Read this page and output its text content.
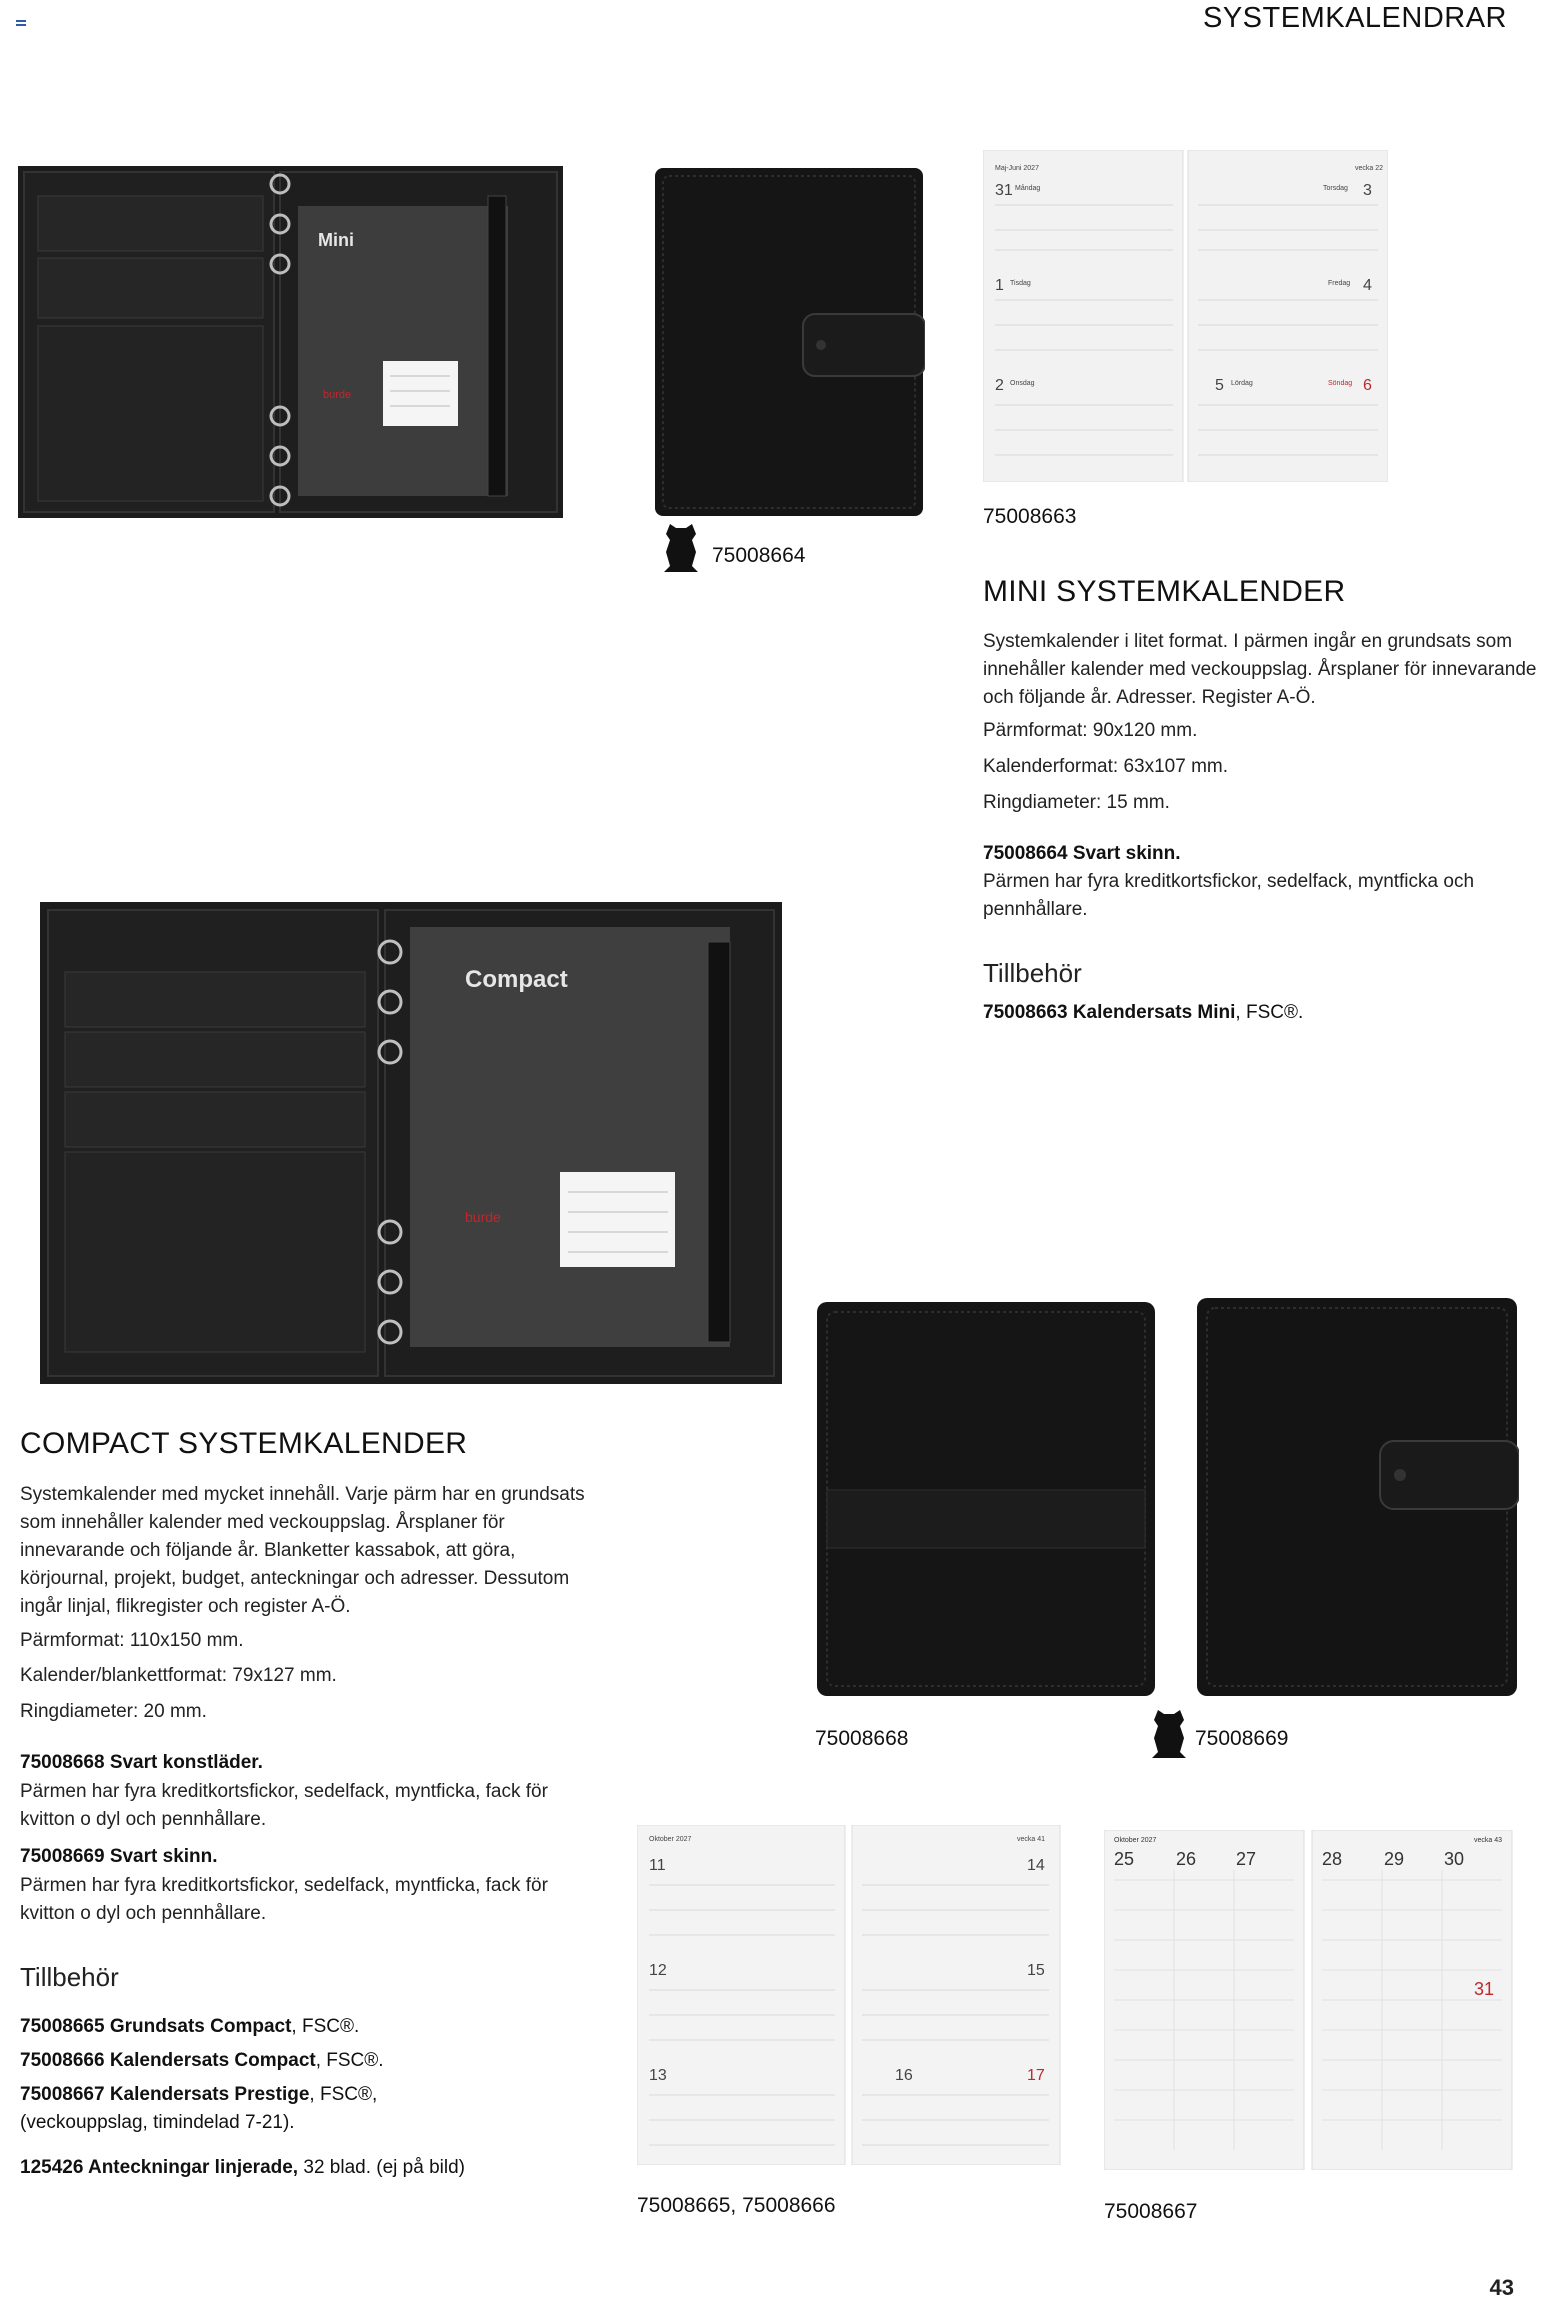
SYSTEMKALENDRAR
Mini
burde
Maj-Juni 2027
31 Måndag
1 Tisdag
2 Onsdag
vecka 22
3
Torsdag
4
Fredag
5 Lördag	6
Söndag
75008664
75008663
MINI SYSTEMKALENDER
Systemkalender i litet format. I pärmen ingår en grundsats som innehåller kalender med veckouppslag. Årsplaner för innevarande och följande år. Adresser. Register A-Ö.
Pärmformat: 90x120 mm.
Kalenderformat: 63x107 mm.
Ringdiameter: 15 mm.
75008664 Svart skinn.
Pärmen har fyra kreditkortsfickor, sedelfack, myntficka och pennhållare.
Tillbehör
75008663 Kalendersats Mini, FSC®.
Compact
burde
75008668	75008669
Oktober 2027
11
12
13
vecka 41
14
15
16	17
75008665, 75008666
Oktober 2027
25 26 27
vecka 43
28 29 30
31
75008667
COMPACT SYSTEMKALENDER
Systemkalender med mycket innehåll. Varje pärm har en grundsats som innehåller kalender med veckouppslag. Årsplaner för innevarande och följande år. Blanketter kassabok, att göra, körjournal, projekt, budget, anteckningar och adresser. Dessutom ingår linjal, flikregister och register A-Ö.
Pärmformat: 110x150 mm.
Kalender/blankettformat: 79x127 mm.
Ringdiameter: 20 mm.
75008668 Svart konstläder.
Pärmen har fyra kreditkortsfickor, sedelfack, myntficka, fack för kvitton o dyl och pennhållare.
75008669 Svart skinn.
Pärmen har fyra kreditkortsfickor, sedelfack, myntficka, fack för kvitton o dyl och pennhållare.
Tillbehör
75008665 Grundsats Compact, FSC®.
75008666 Kalendersats Compact, FSC®.
75008667 Kalendersats Prestige, FSC®,
(veckouppslag, timindelad 7-21).
125426 Anteckningar linjerade, 32 blad. (ej på bild)
43
